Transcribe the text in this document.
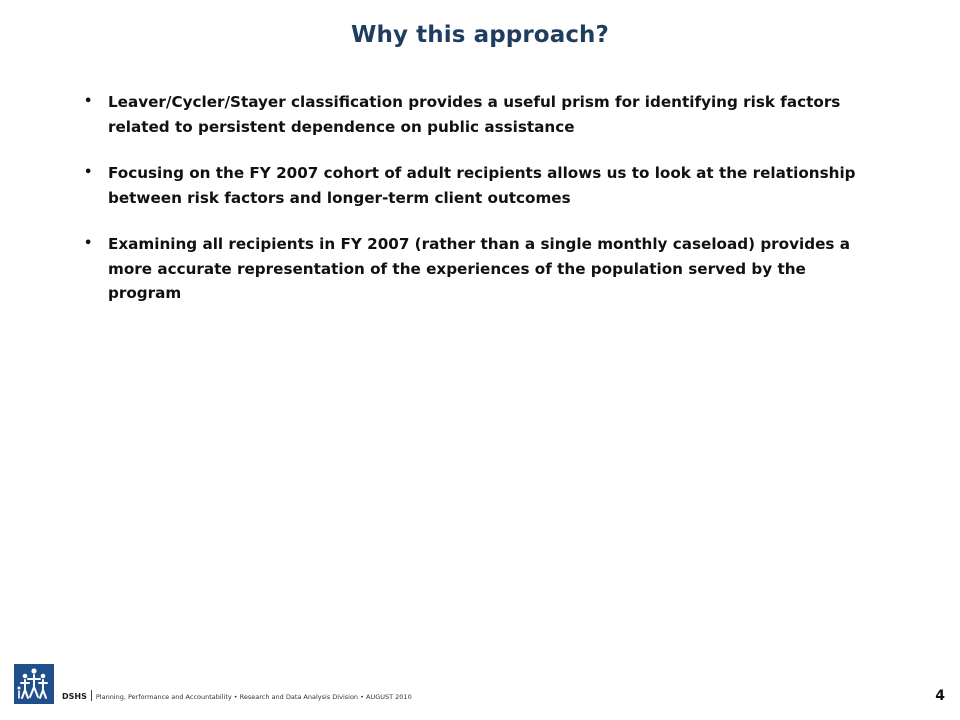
Why this approach?
• Leaver/Cycler/Stayer classification provides a useful prism for identifying risk factors related to persistent dependence on public assistance
• Focusing on the FY 2007 cohort of adult recipients allows us to look at the relationship between risk factors and longer-term client outcomes
• Examining all recipients in FY 2007 (rather than a single monthly caseload) provides a more accurate representation of the experiences of the population served by the program
DSHS Planning, Performance and Accountability • Research and Data Analysis Division • AUGUST 2010	4
